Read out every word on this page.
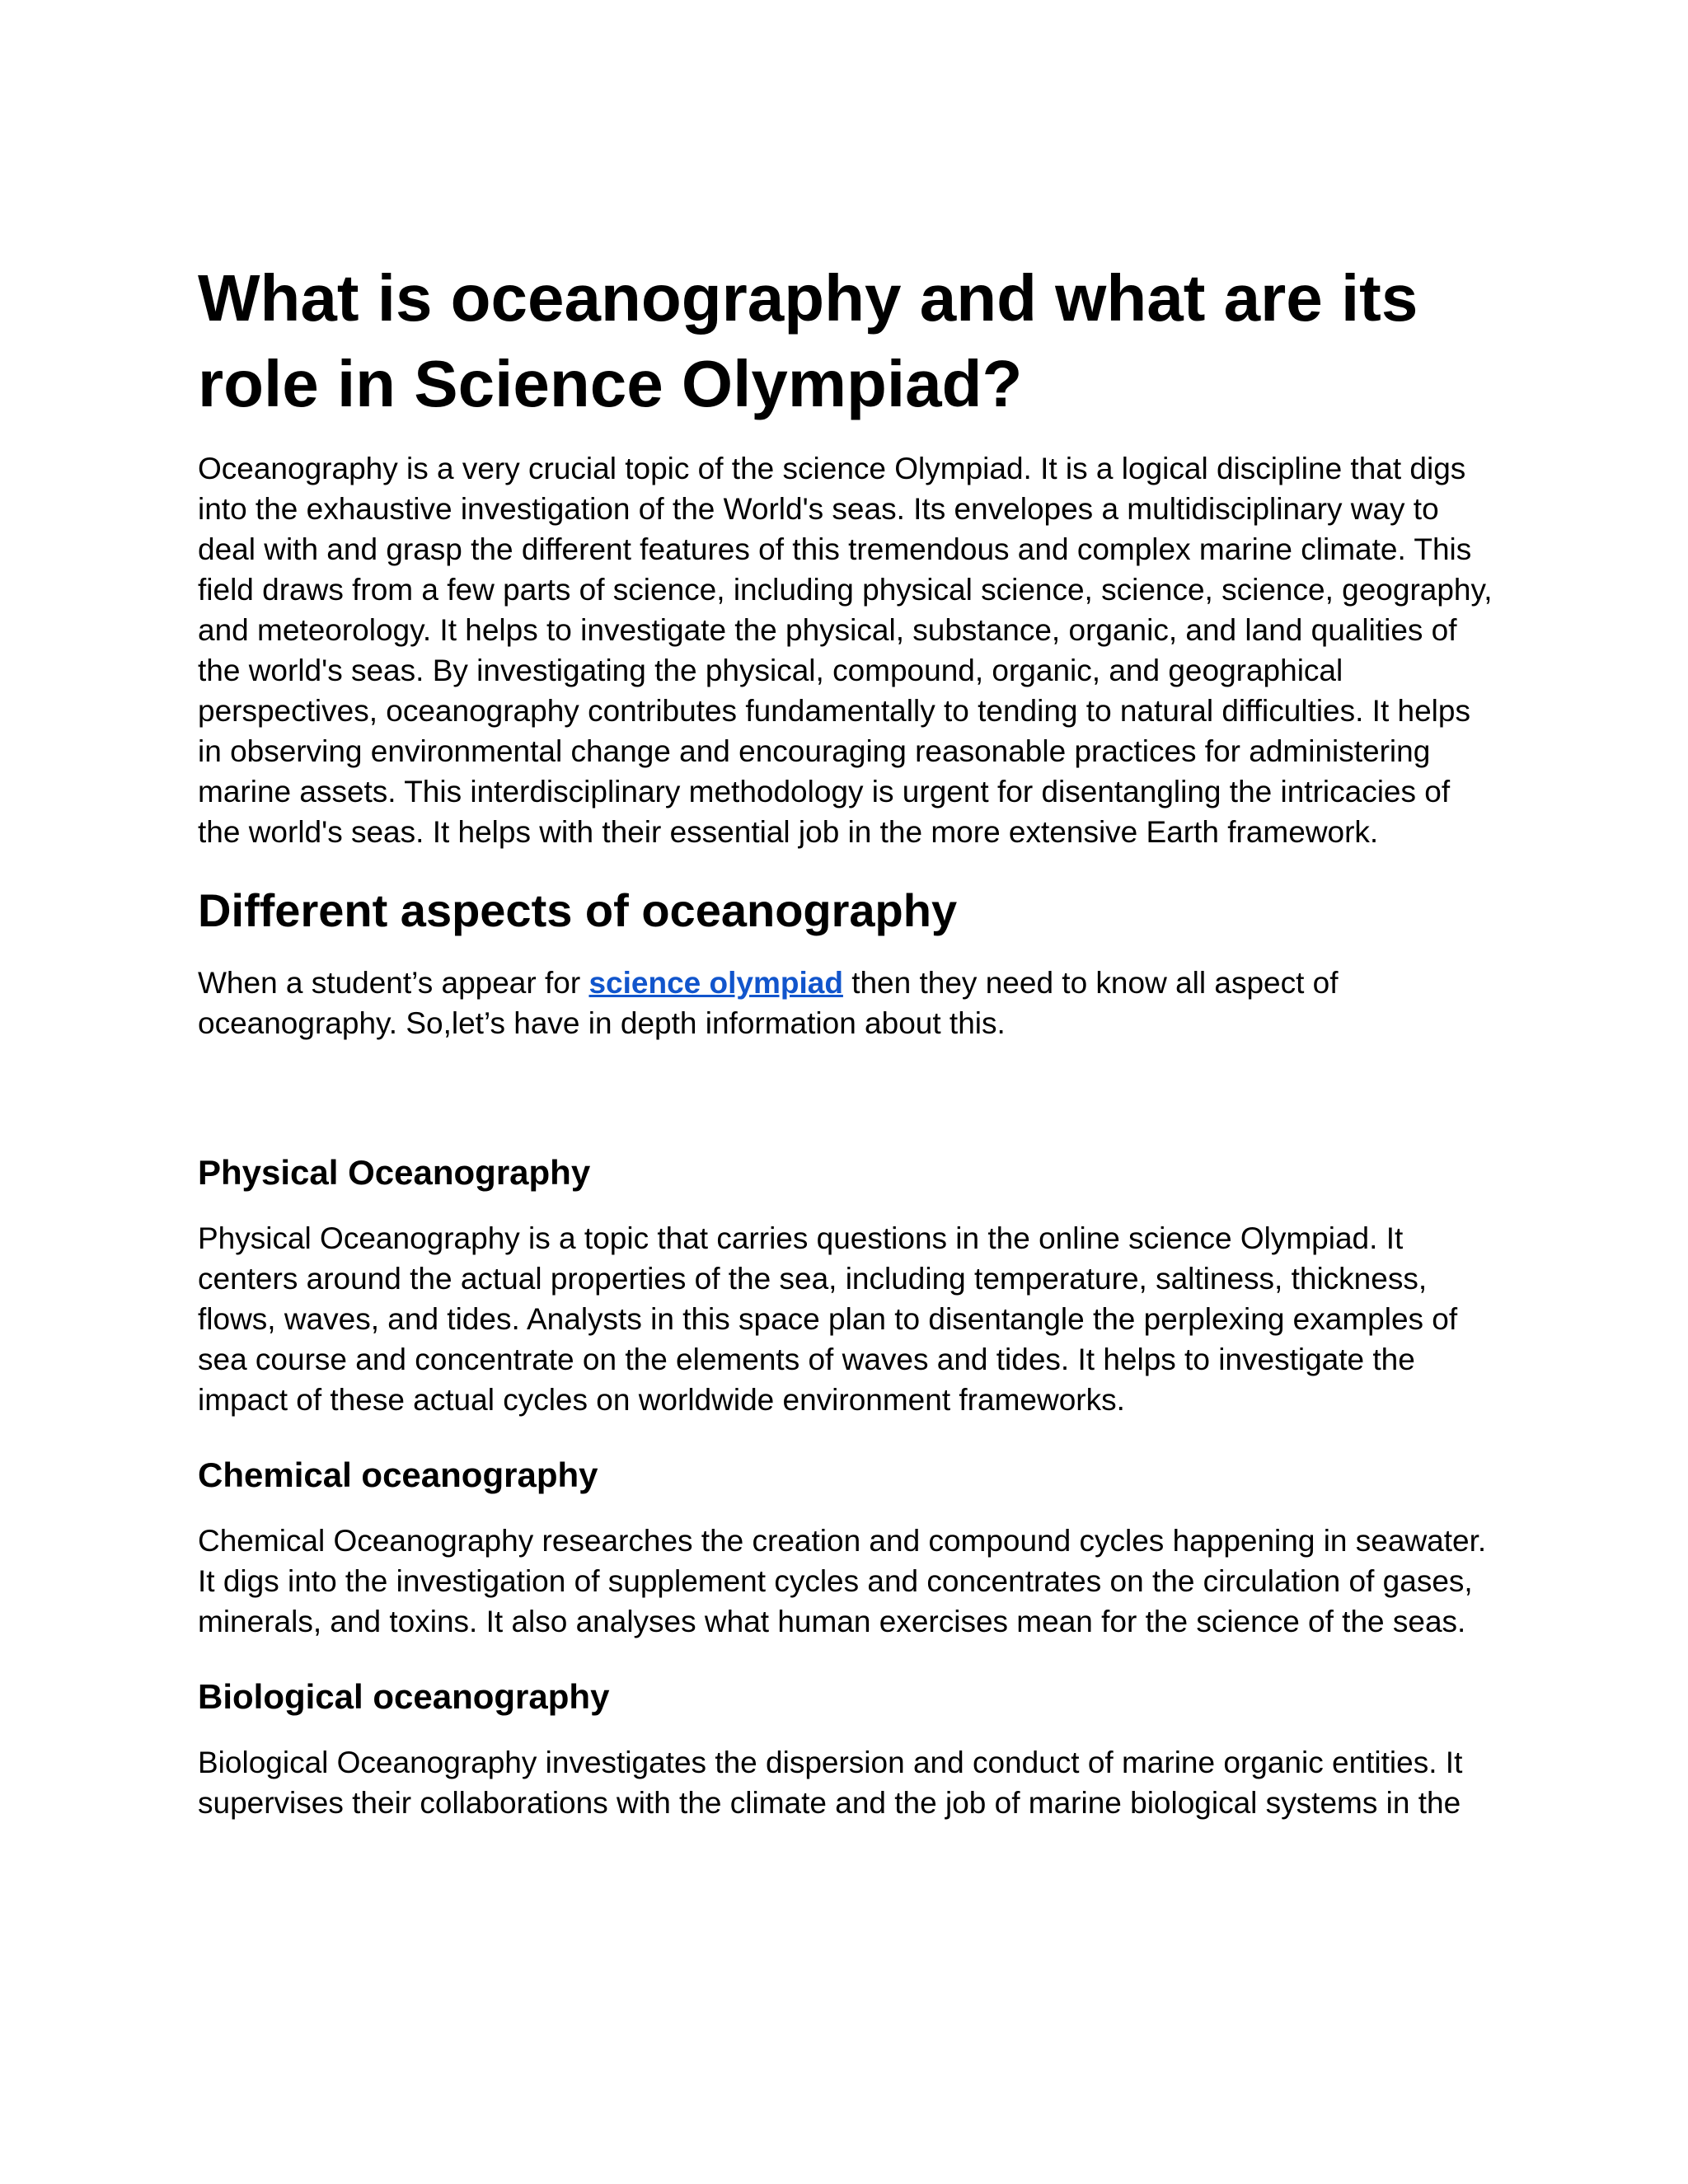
What is oceanography and what are its role in Science Olympiad?

Oceanography is a very crucial topic of the science Olympiad. It is a logical discipline that digs into the exhaustive investigation of the World's seas. Its envelopes a multidisciplinary way to deal with and grasp the different features of this tremendous and complex marine climate. This field draws from a few parts of science, including physical science, science, science, geography, and meteorology. It helps to investigate the physical, substance, organic, and land qualities of the world's seas. By investigating the physical, compound, organic, and geographical perspectives, oceanography contributes fundamentally to tending to natural difficulties. It helps in observing environmental change and encouraging reasonable practices for administering marine assets. This interdisciplinary methodology is urgent for disentangling the intricacies of the world's seas. It helps with their essential job in the more extensive Earth framework.

Different aspects of oceanography

When a student’s appear for science olympiad then they need to know all aspect of oceanography. So,let’s have in depth information about this.

Physical Oceanography

Physical Oceanography is a topic that carries questions in the online science Olympiad. It centers around the actual properties of the sea, including temperature, saltiness, thickness, flows, waves, and tides. Analysts in this space plan to disentangle the perplexing examples of sea course and concentrate on the elements of waves and tides. It helps to investigate the impact of these actual cycles on worldwide environment frameworks.

Chemical oceanography

Chemical Oceanography researches the creation and compound cycles happening in seawater. It digs into the investigation of supplement cycles and concentrates on the circulation of gases, minerals, and toxins. It also analyses what human exercises mean for the science of the seas.

Biological oceanography

Biological Oceanography investigates the dispersion and conduct of marine organic entities. It supervises their collaborations with the climate and the job of marine biological systems in the
